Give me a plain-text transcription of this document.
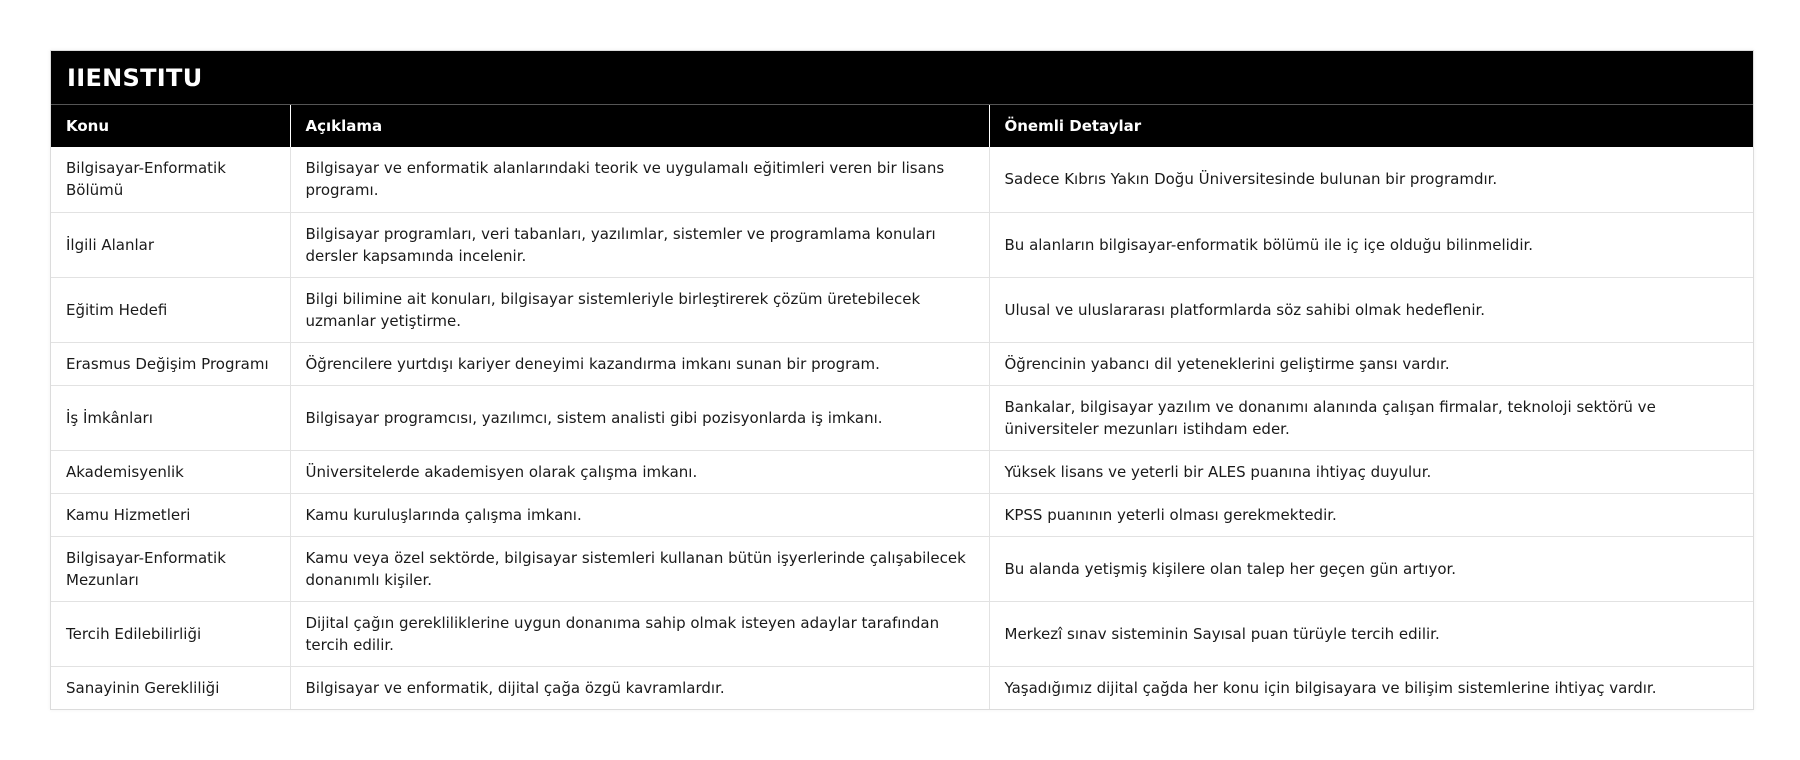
IIENSTITU
Konu	Açıklama	Önemli Detaylar
Bilgisayar-Enformatik Bölümü	Bilgisayar ve enformatik alanlarındaki teorik ve uygulamalı eğitimleri veren bir lisans programı.	Sadece Kıbrıs Yakın Doğu Üniversitesinde bulunan bir programdır.
İlgili Alanlar	Bilgisayar programları, veri tabanları, yazılımlar, sistemler ve programlama konuları dersler kapsamında incelenir.	Bu alanların bilgisayar-enformatik bölümü ile iç içe olduğu bilinmelidir.
Eğitim Hedefi	Bilgi bilimine ait konuları, bilgisayar sistemleriyle birleştirerek çözüm üretebilecek uzmanlar yetiştirme.	Ulusal ve uluslararası platformlarda söz sahibi olmak hedeflenir.
Erasmus Değişim Programı	Öğrencilere yurtdışı kariyer deneyimi kazandırma imkanı sunan bir program.	Öğrencinin yabancı dil yeteneklerini geliştirme şansı vardır.
İş İmkânları	Bilgisayar programcısı, yazılımcı, sistem analisti gibi pozisyonlarda iş imkanı.	Bankalar, bilgisayar yazılım ve donanımı alanında çalışan firmalar, teknoloji sektörü ve üniversiteler mezunları istihdam eder.
Akademisyenlik	Üniversitelerde akademisyen olarak çalışma imkanı.	Yüksek lisans ve yeterli bir ALES puanına ihtiyaç duyulur.
Kamu Hizmetleri	Kamu kuruluşlarında çalışma imkanı.	KPSS puanının yeterli olması gerekmektedir.
Bilgisayar-Enformatik Mezunları	Kamu veya özel sektörde, bilgisayar sistemleri kullanan bütün işyerlerinde çalışabilecek donanımlı kişiler.	Bu alanda yetişmiş kişilere olan talep her geçen gün artıyor.
Tercih Edilebilirliği	Dijital çağın gerekliliklerine uygun donanıma sahip olmak isteyen adaylar tarafından tercih edilir.	Merkezî sınav sisteminin Sayısal puan türüyle tercih edilir.
Sanayinin Gerekliliği	Bilgisayar ve enformatik, dijital çağa özgü kavramlardır.	Yaşadığımız dijital çağda her konu için bilgisayara ve bilişim sistemlerine ihtiyaç vardır.
